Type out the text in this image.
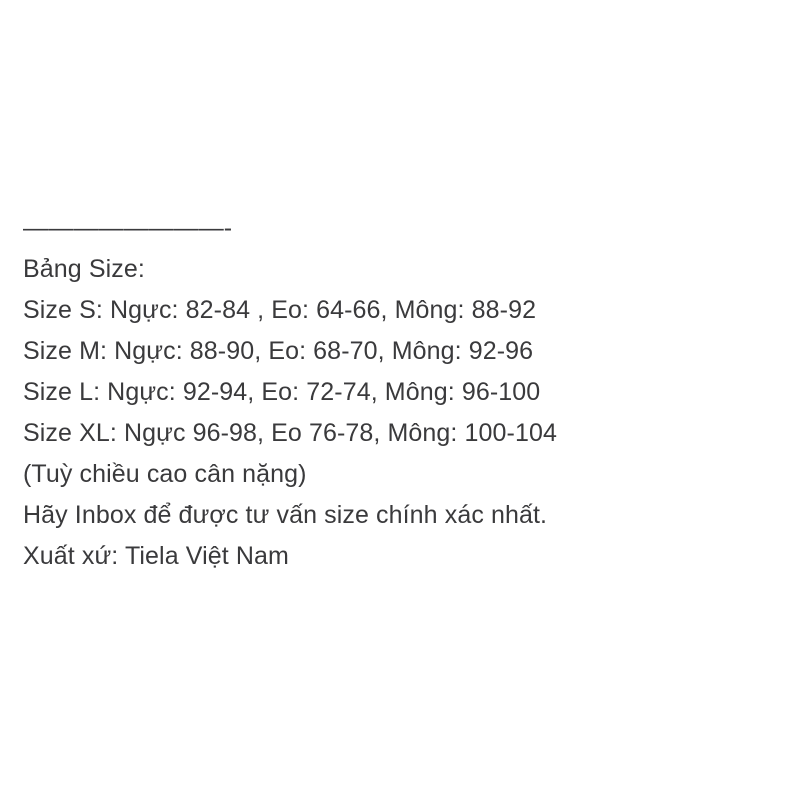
————————-
Bảng Size:
Size S: Ngực: 82-84 , Eo: 64-66, Mông: 88-92
Size M: Ngực: 88-90, Eo: 68-70, Mông: 92-96
Size L: Ngực: 92-94, Eo: 72-74, Mông: 96-100
Size XL: Ngực 96-98, Eo 76-78, Mông: 100-104
(Tuỳ chiều cao cân nặng)
Hãy Inbox để được tư vấn size chính xác nhất.
Xuất xứ: Tiela Việt Nam
